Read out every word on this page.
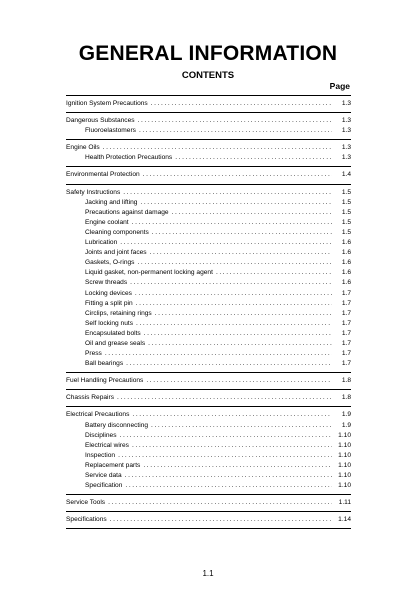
GENERAL INFORMATION
CONTENTS
Page
Ignition System Precautions .....	1.3
Dangerous Substances .....	1.3
Fluoroelastomers .....	1.3
Engine Oils .....	1.3
Health Protection Precautions .....	1.3
Environmental Protection .....	1.4
Safety Instructions .....	1.5
Jacking and lifting .....	1.5
Precautions against damage .....	1.5
Engine coolant .....	1.5
Cleaning components .....	1.5
Lubrication .....	1.6
Joints and joint faces .....	1.6
Gaskets, O-rings .....	1.6
Liquid gasket, non-permanent locking agent .....	1.6
Screw threads .....	1.6
Locking devices .....	1.7
Fitting a split pin .....	1.7
Circlips, retaining rings .....	1.7
Self locking nuts .....	1.7
Encapsulated bolts .....	1.7
Oil and grease seals .....	1.7
Press .....	1.7
Ball bearings .....	1.7
Fuel Handling Precautions .....	1.8
Chassis Repairs .....	1.8
Electrical Precautions .....	1.9
Battery disconnecting .....	1.9
Disciplines .....	1.10
Electrical wires .....	1.10
Inspection .....	1.10
Replacement parts .....	1.10
Service data .....	1.10
Specification .....	1.10
Service Tools .....	1.11
Specifications .....	1.14
1.1
